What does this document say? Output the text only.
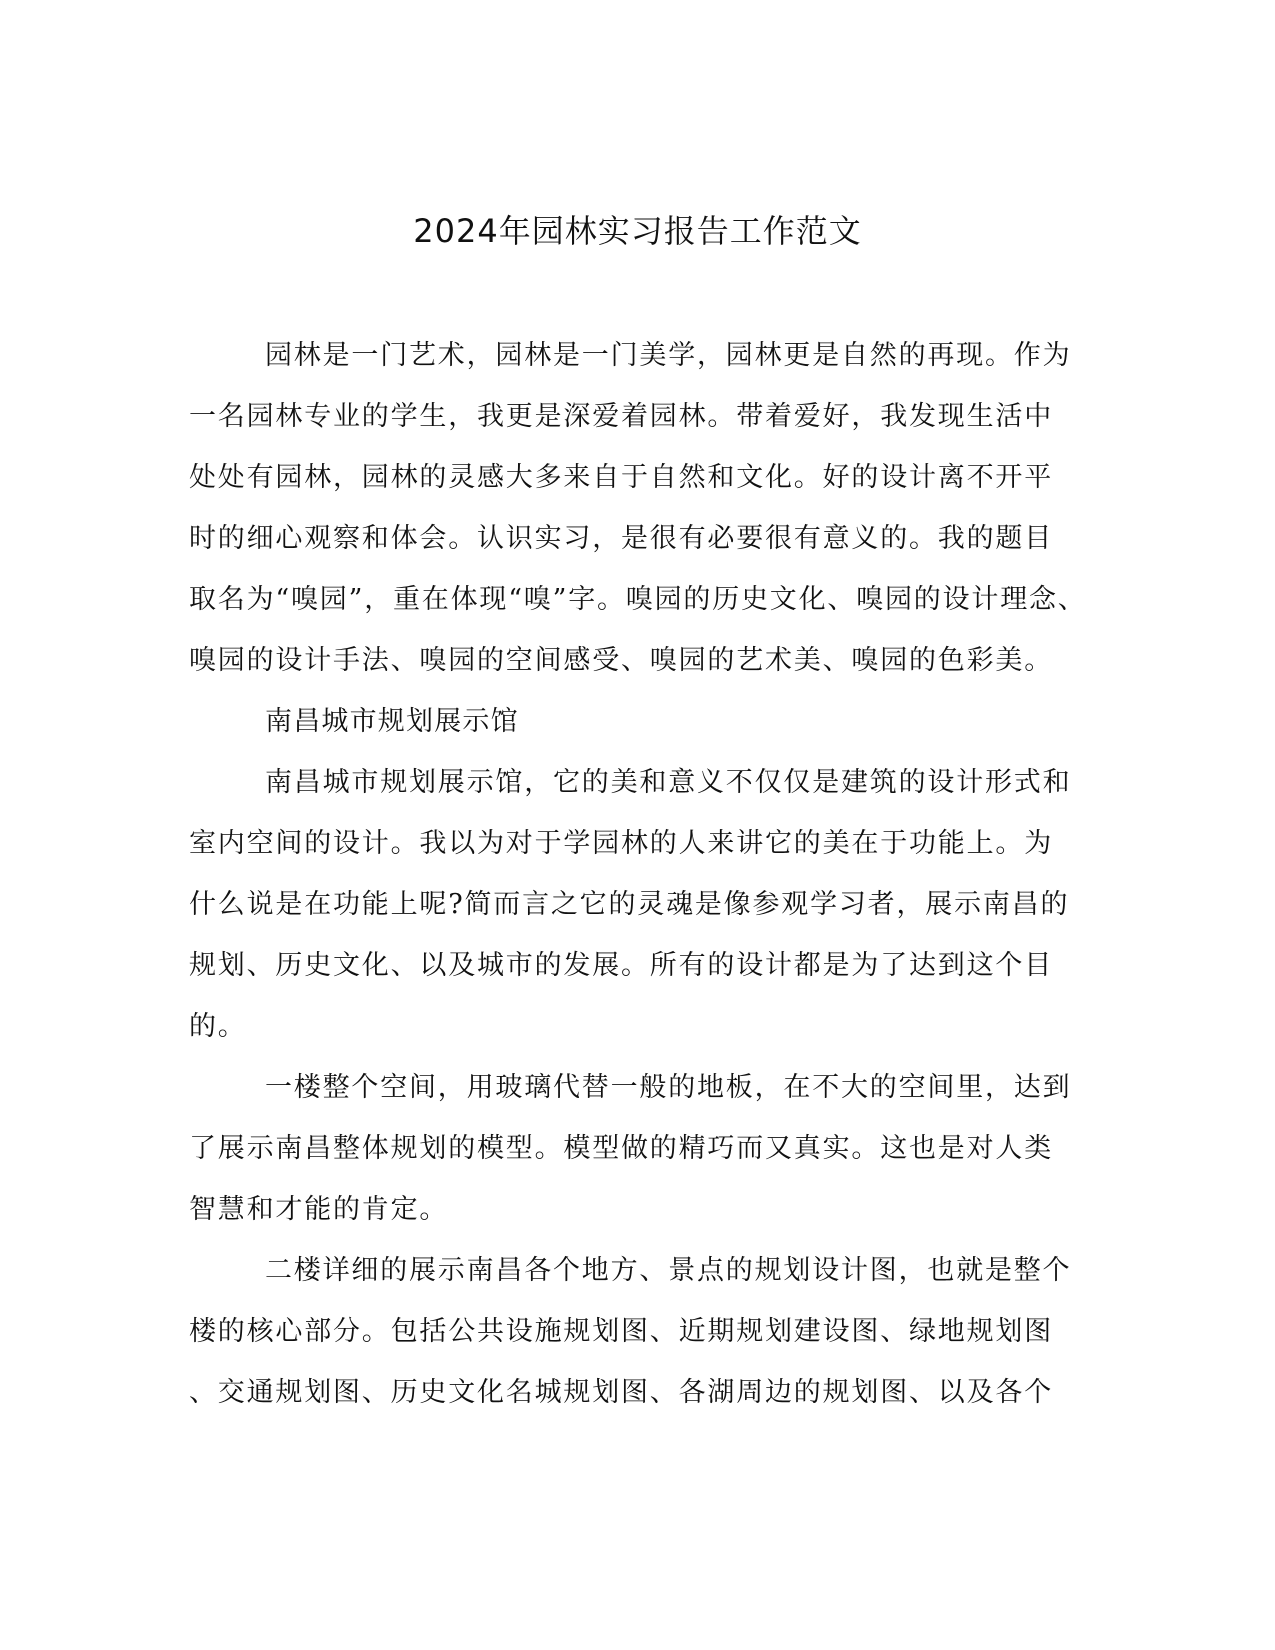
2024年园林实习报告工作范文

园林是一门艺术，园林是一门美学，园林更是自然的再现。作为
一名园林专业的学生，我更是深爱着园林。带着爱好，我发现生活中
处处有园林，园林的灵感大多来自于自然和文化。好的设计离不开平
时的细心观察和体会。认识实习，是很有必要很有意义的。我的题目
取名为“嗅园”，重在体现“嗅”字。嗅园的历史文化、嗅园的设计理念、
嗅园的设计手法、嗅园的空间感受、嗅园的艺术美、嗅园的色彩美。

南昌城市规划展示馆

南昌城市规划展示馆，它的美和意义不仅仅是建筑的设计形式和
室内空间的设计。我以为对于学园林的人来讲它的美在于功能上。为
什么说是在功能上呢?简而言之它的灵魂是像参观学习者，展示南昌的
规划、历史文化、以及城市的发展。所有的设计都是为了达到这个目
的。

一楼整个空间，用玻璃代替一般的地板，在不大的空间里，达到
了展示南昌整体规划的模型。模型做的精巧而又真实。这也是对人类
智慧和才能的肯定。

二楼详细的展示南昌各个地方、景点的规划设计图，也就是整个
楼的核心部分。包括公共设施规划图、近期规划建设图、绿地规划图
、交通规划图、历史文化名城规划图、各湖周边的规划图、以及各个
